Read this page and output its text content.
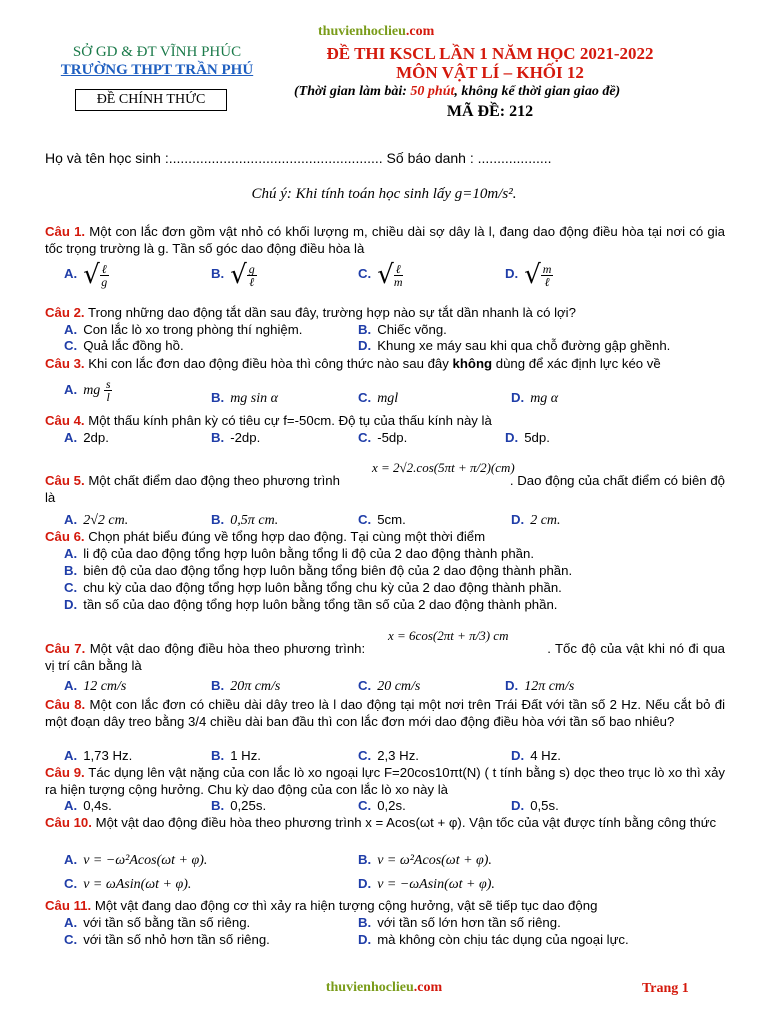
thuvienhoclieu.com
SỞ GD & ĐT VĨNH PHÚC
TRƯỜNG THPT TRẦN PHÚ
ĐỀ CHÍNH THỨC
ĐỀ THI KSCL LẦN 1 NĂM HỌC 2021-2022
MÔN VẬT LÍ – KHỐI 12
(Thời gian làm bài: 50 phút, không kể thời gian giao đề)
MÃ ĐỀ: 212
Họ và tên học sinh :....................................................... Số báo danh : ...................
Chú ý: Khi tính toán học sinh lấy g=10m/s².
Câu 1. Một con lắc đơn gồm vật nhỏ có khối lượng m, chiều dài sợ dây là l, đang dao động điều hòa tại nơi có gia tốc trọng trường là g. Tần số góc dao động điều hòa là
A. √ $\frac{\text{ℓ}}{g}$	B. √ $\frac{g}{\text{ℓ}}$	C. √ $\frac{\text{ℓ}}{m}$	D. √ $\frac{m}{\text{ℓ}}$
Câu 2. Trong những dao động tắt dần sau đây, trường hợp nào sự tắt dần nhanh là có lợi?
A. Con lắc lò xo trong phòng thí nghiệm.	B. Chiếc võng.
C. Quả lắc đồng hồ.	D. Khung xe máy sau khi qua chỗ đường gập ghềnh.
Câu 3. Khi con lắc đơn dao động điều hòa thì công thức nào sau đây không dùng để xác định lực kéo về
A. mg $\frac{s}{l}$	B. mg sin α	C. mgl	D. mg α
Câu 4. Một thấu kính phân kỳ có tiêu cự f=-50cm. Độ tụ của thấu kính này là
A. 2dp.	B. -2dp.	C. -5dp.	D. 5dp.
Câu 5. Một chất điểm dao động theo phương trình	. Dao động của chất điểm có biên độ là
x = 2√2.cos(5πt + π/2)(cm)
A. 2√2 cm.	B. 0,5π cm.	C. 5cm.	D. 2 cm.
Câu 6. Chọn phát biểu đúng về tổng hợp dao động. Tại cùng một thời điểm
A. li độ của dao động tổng hợp luôn bằng tổng li độ của 2 dao động thành phần.
B. biên độ của dao động tổng hợp luôn bằng tổng biên độ của 2 dao động thành phần.
C. chu kỳ của dao động tổng hợp luôn bằng tổng chu kỳ của 2 dao động thành phần.
D. tần số của dao động tổng hợp luôn bằng tổng tần số của 2 dao động thành phần.
Câu 7. Một vật dao động điều hòa theo phương trình:	. Tốc độ của vật khi nó đi qua vị trí cân bằng là
x = 6cos(2πt + π/3) cm
A. 12 cm/s	B. 20π cm/s	C. 20 cm/s	D. 12π cm/s
Câu 8. Một con lắc đơn có chiều dài dây treo là l dao động tại một nơi trên Trái Đất với tần số 2 Hz. Nếu cắt bỏ đi một đoạn dây treo bằng 3/4 chiều dài ban đầu thì con lắc đơn mới dao động điều hòa với tần số bao nhiêu?
A. 1,73 Hz.	B. 1 Hz.	C. 2,3 Hz.	D. 4 Hz.
Câu 9. Tác dụng lên vật nặng của con lắc lò xo ngoại lực F=20cos10πt(N) ( t tính bằng s) dọc theo trục lò xo thì xảy ra hiện tượng cộng hưởng. Chu kỳ dao động của con lắc lò xo này là
A. 0,4s.	B. 0,25s.	C. 0,2s.	D. 0,5s.
Câu 10. Một vật dao động điều hòa theo phương trình x = Acos(ωt + φ). Vận tốc của vật được tính bằng công thức
A. v = −ω²Acos(ωt + φ).	B. v = ω²Acos(ωt + φ).
C. v = ωAsin(ωt + φ).	D. v = −ωAsin(ωt + φ).
Câu 11. Một vật đang dao động cơ thì xảy ra hiện tượng cộng hưởng, vật sẽ tiếp tục dao động
A. với tần số bằng tần số riêng.	B. với tần số lớn hơn tần số riêng.
C. với tần số nhỏ hơn tần số riêng.	D. mà không còn chịu tác dụng của ngoại lực.
thuvienhoclieu.com	Trang 1
